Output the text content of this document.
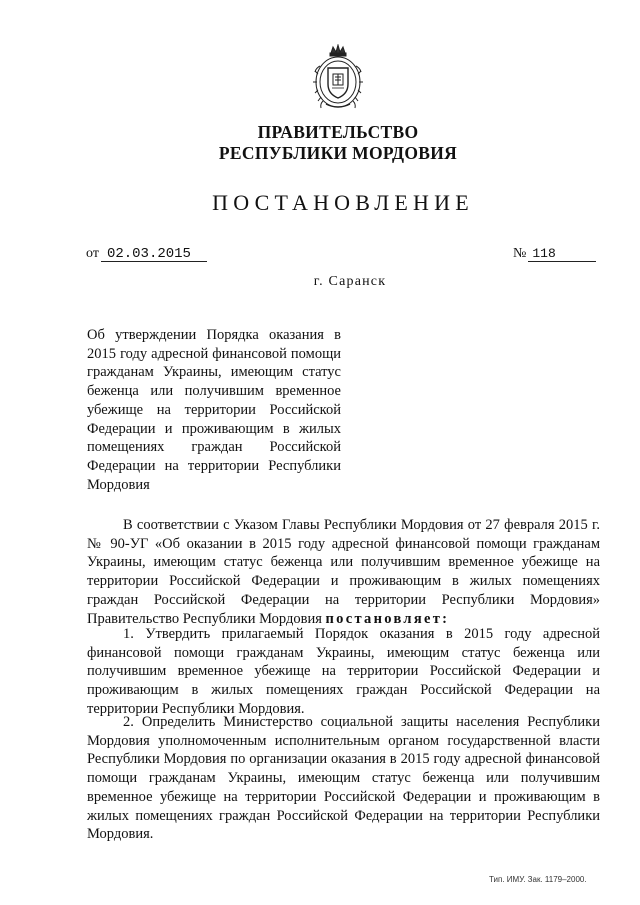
ПРАВИТЕЛЬСТВО
РЕСПУБЛИКИ МОРДОВИЯ
ПОСТАНОВЛЕНИЕ
от 02.03.2015	№ 118
г. Саранск
Об утверждении Порядка оказания в 2015 году адресной финансовой помощи гражданам Украины, имеющим статус беженца или получившим временное убежище на территории Российской Федерации и проживающим в жилых помещениях граждан Российской Федерации на территории Республики Мордовия
В соответствии с Указом Главы Республики Мордовия от 27 февраля 2015 г. № 90-УГ «Об оказании в 2015 году адресной финансовой помощи гражданам Украины, имеющим статус беженца или получившим временное убежище на территории Российской Федерации и проживающим в жилых помещениях граждан Российской Федерации на территории Республики Мордовия» Правительство Республики Мордовия постановляет:
1. Утвердить прилагаемый Порядок оказания в 2015 году адресной финансовой помощи гражданам Украины, имеющим статус беженца или получившим временное убежище на территории Российской Федерации и проживающим в жилых помещениях граждан Российской Федерации на территории Республики Мордовия.
2. Определить Министерство социальной защиты населения Республики Мордовия уполномоченным исполнительным органом государственной власти Республики Мордовия по организации оказания в 2015 году адресной финансовой помощи гражданам Украины, имеющим статус беженца или получившим временное убежище на территории Российской Федерации и проживающим в жилых помещениях граждан Российской Федерации на территории Республики Мордовия.
Тип. ИМУ. Зак. 1179–2000.
